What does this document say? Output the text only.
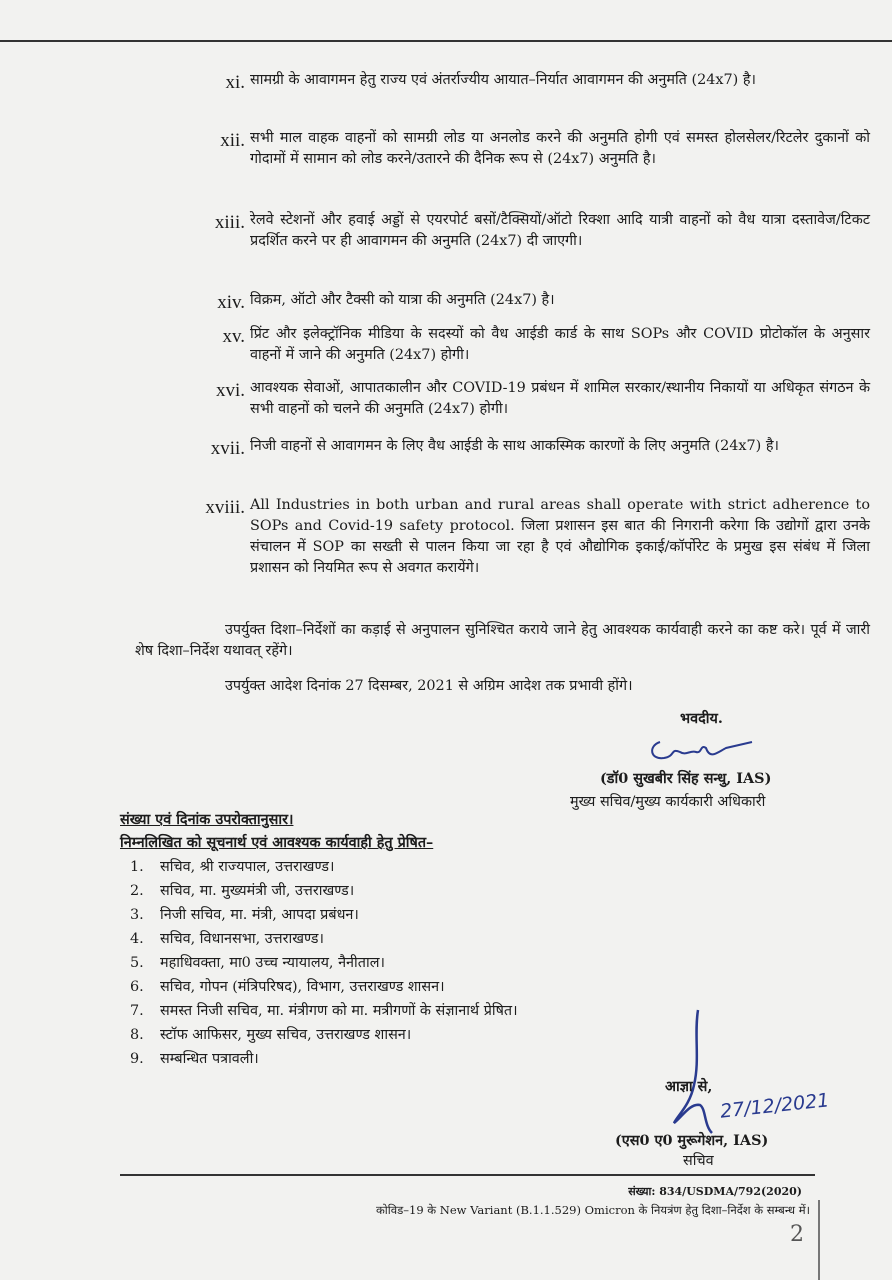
xi. सामग्री के आवागमन हेतु राज्य एवं अंतर्राज्यीय आयात–निर्यात आवागमन की अनुमति (24x7) है।
xii. सभी माल वाहक वाहनों को सामग्री लोड या अनलोड करने की अनुमति होगी एवं समस्त होलसेलर/रिटलेर दुकानों को गोदामों में सामान को लोड करने/उतारने की दैनिक रूप से (24x7) अनुमति है।
xiii. रेलवे स्टेशनों और हवाई अड्डों से एयरपोर्ट बसों/टैक्सियों/ऑटो रिक्शा आदि यात्री वाहनों को वैध यात्रा दस्तावेज/टिकट प्रदर्शित करने पर ही आवागमन की अनुमति (24x7) दी जाएगी।
xiv. विक्रम, ऑटो और टैक्सी को यात्रा की अनुमति (24x7) है।
xv. प्रिंट और इलेक्ट्रॉनिक मीडिया के सदस्यों को वैध आईडी कार्ड के साथ SOPs और COVID प्रोटोकॉल के अनुसार वाहनों में जाने की अनुमति (24x7) होगी।
xvi. आवश्यक सेवाओं, आपातकालीन और COVID-19 प्रबंधन में शामिल सरकार/स्थानीय निकायों या अधिकृत संगठन के सभी वाहनों को चलने की अनुमति (24x7) होगी।
xvii. निजी वाहनों से आवागमन के लिए वैध आईडी के साथ आकस्मिक कारणों के लिए अनुमति (24x7) है।
xviii. All Industries in both urban and rural areas shall operate with strict adherence to SOPs and Covid-19 safety protocol. जिला प्रशासन इस बात की निगरानी करेगा कि उद्योगों द्वारा उनके संचालन में SOP का सख्ती से पालन किया जा रहा है एवं औद्योगिक इकाई/कॉर्पोरेट के प्रमुख इस संबंध में जिला प्रशासन को नियमित रूप से अवगत करायेंगे।
उपर्युक्त दिशा–निर्देशों का कड़ाई से अनुपालन सुनिश्चित कराये जाने हेतु आवश्यक कार्यवाही करने का कष्ट करे। पूर्व में जारी शेष दिशा–निर्देश यथावत् रहेंगे।
उपर्युक्त आदेश दिनांक 27 दिसम्बर, 2021 से अग्रिम आदेश तक प्रभावी होंगे।
भवदीय.
(डॉ0 सुखबीर सिंह सन्धु, IAS)
मुख्य सचिव/मुख्य कार्यकारी अधिकारी
संख्या एवं दिनांक उपरोक्तानुसार।
निम्नलिखित को सूचनार्थ एवं आवश्यक कार्यवाही हेतु प्रेषित–
1. सचिव, श्री राज्यपाल, उत्तराखण्ड।
2. सचिव, मा. मुख्यमंत्री जी, उत्तराखण्ड।
3. निजी सचिव, मा. मंत्री, आपदा प्रबंधन।
4. सचिव, विधानसभा, उत्तराखण्ड।
5. महाधिवक्ता, मा0 उच्च न्यायालय, नैनीताल।
6. सचिव, गोपन (मंत्रिपरिषद), विभाग, उत्तराखण्ड शासन।
7. समस्त निजी सचिव, मा. मंत्रीगण को मा. मत्रीगणों के संज्ञानार्थ प्रेषित।
8. स्टॉफ आफिसर, मुख्य सचिव, उत्तराखण्ड शासन।
9. सम्बन्धित पत्रावली।
आज्ञा से,
27/12/2021
(एस0 ए0 मुरूगेशन, IAS)
सचिव
संख्या: 834/USDMA/792(2020)
कोविड–19 के New Variant (B.1.1.529) Omicron के नियत्रंण हेतु दिशा–निर्देश के सम्बन्ध में।
2
